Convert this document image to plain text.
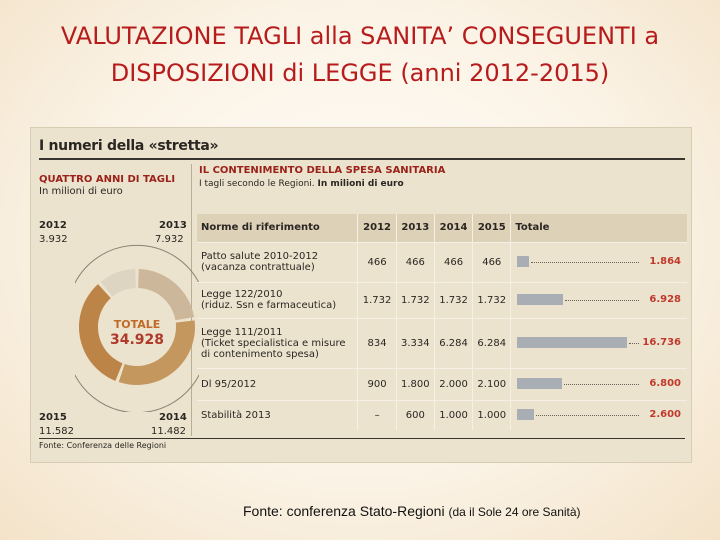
VALUTAZIONE TAGLI alla SANITA’ CONSEGUENTI a
DISPOSIZIONI di LEGGE (anni 2012-2015)
I numeri della «stretta»
QUATTRO ANNI DI TAGLI
In milioni di euro
2012
3.932
2013
7.932
2015
11.582
2014
11.482
TOTALE
34.928
Fonte: Conferenza delle Regioni
IL CONTENIMENTO DELLA SPESA SANITARIA
I tagli secondo le Regioni. In milioni di euro
Norme di riferimento	2012	2013	2014	2015	Totale

Patto salute 2010-2012
(vacanza contrattuale)	466	466	466	466	1.864

Legge 122/2010
(riduz. Ssn e farmaceutica)	1.732	1.732	1.732	1.732	6.928

Legge 111/2011
(Ticket specialistica e misure
di contenimento spesa)	834	3.334	6.284	6.284	16.736

Dl 95/2012	900	1.800	2.000	2.100	6.800

Stabilità 2013	–	600	1.000	1.000	2.600
Fonte: conferenza Stato-Regioni (da il Sole 24 ore Sanità)
